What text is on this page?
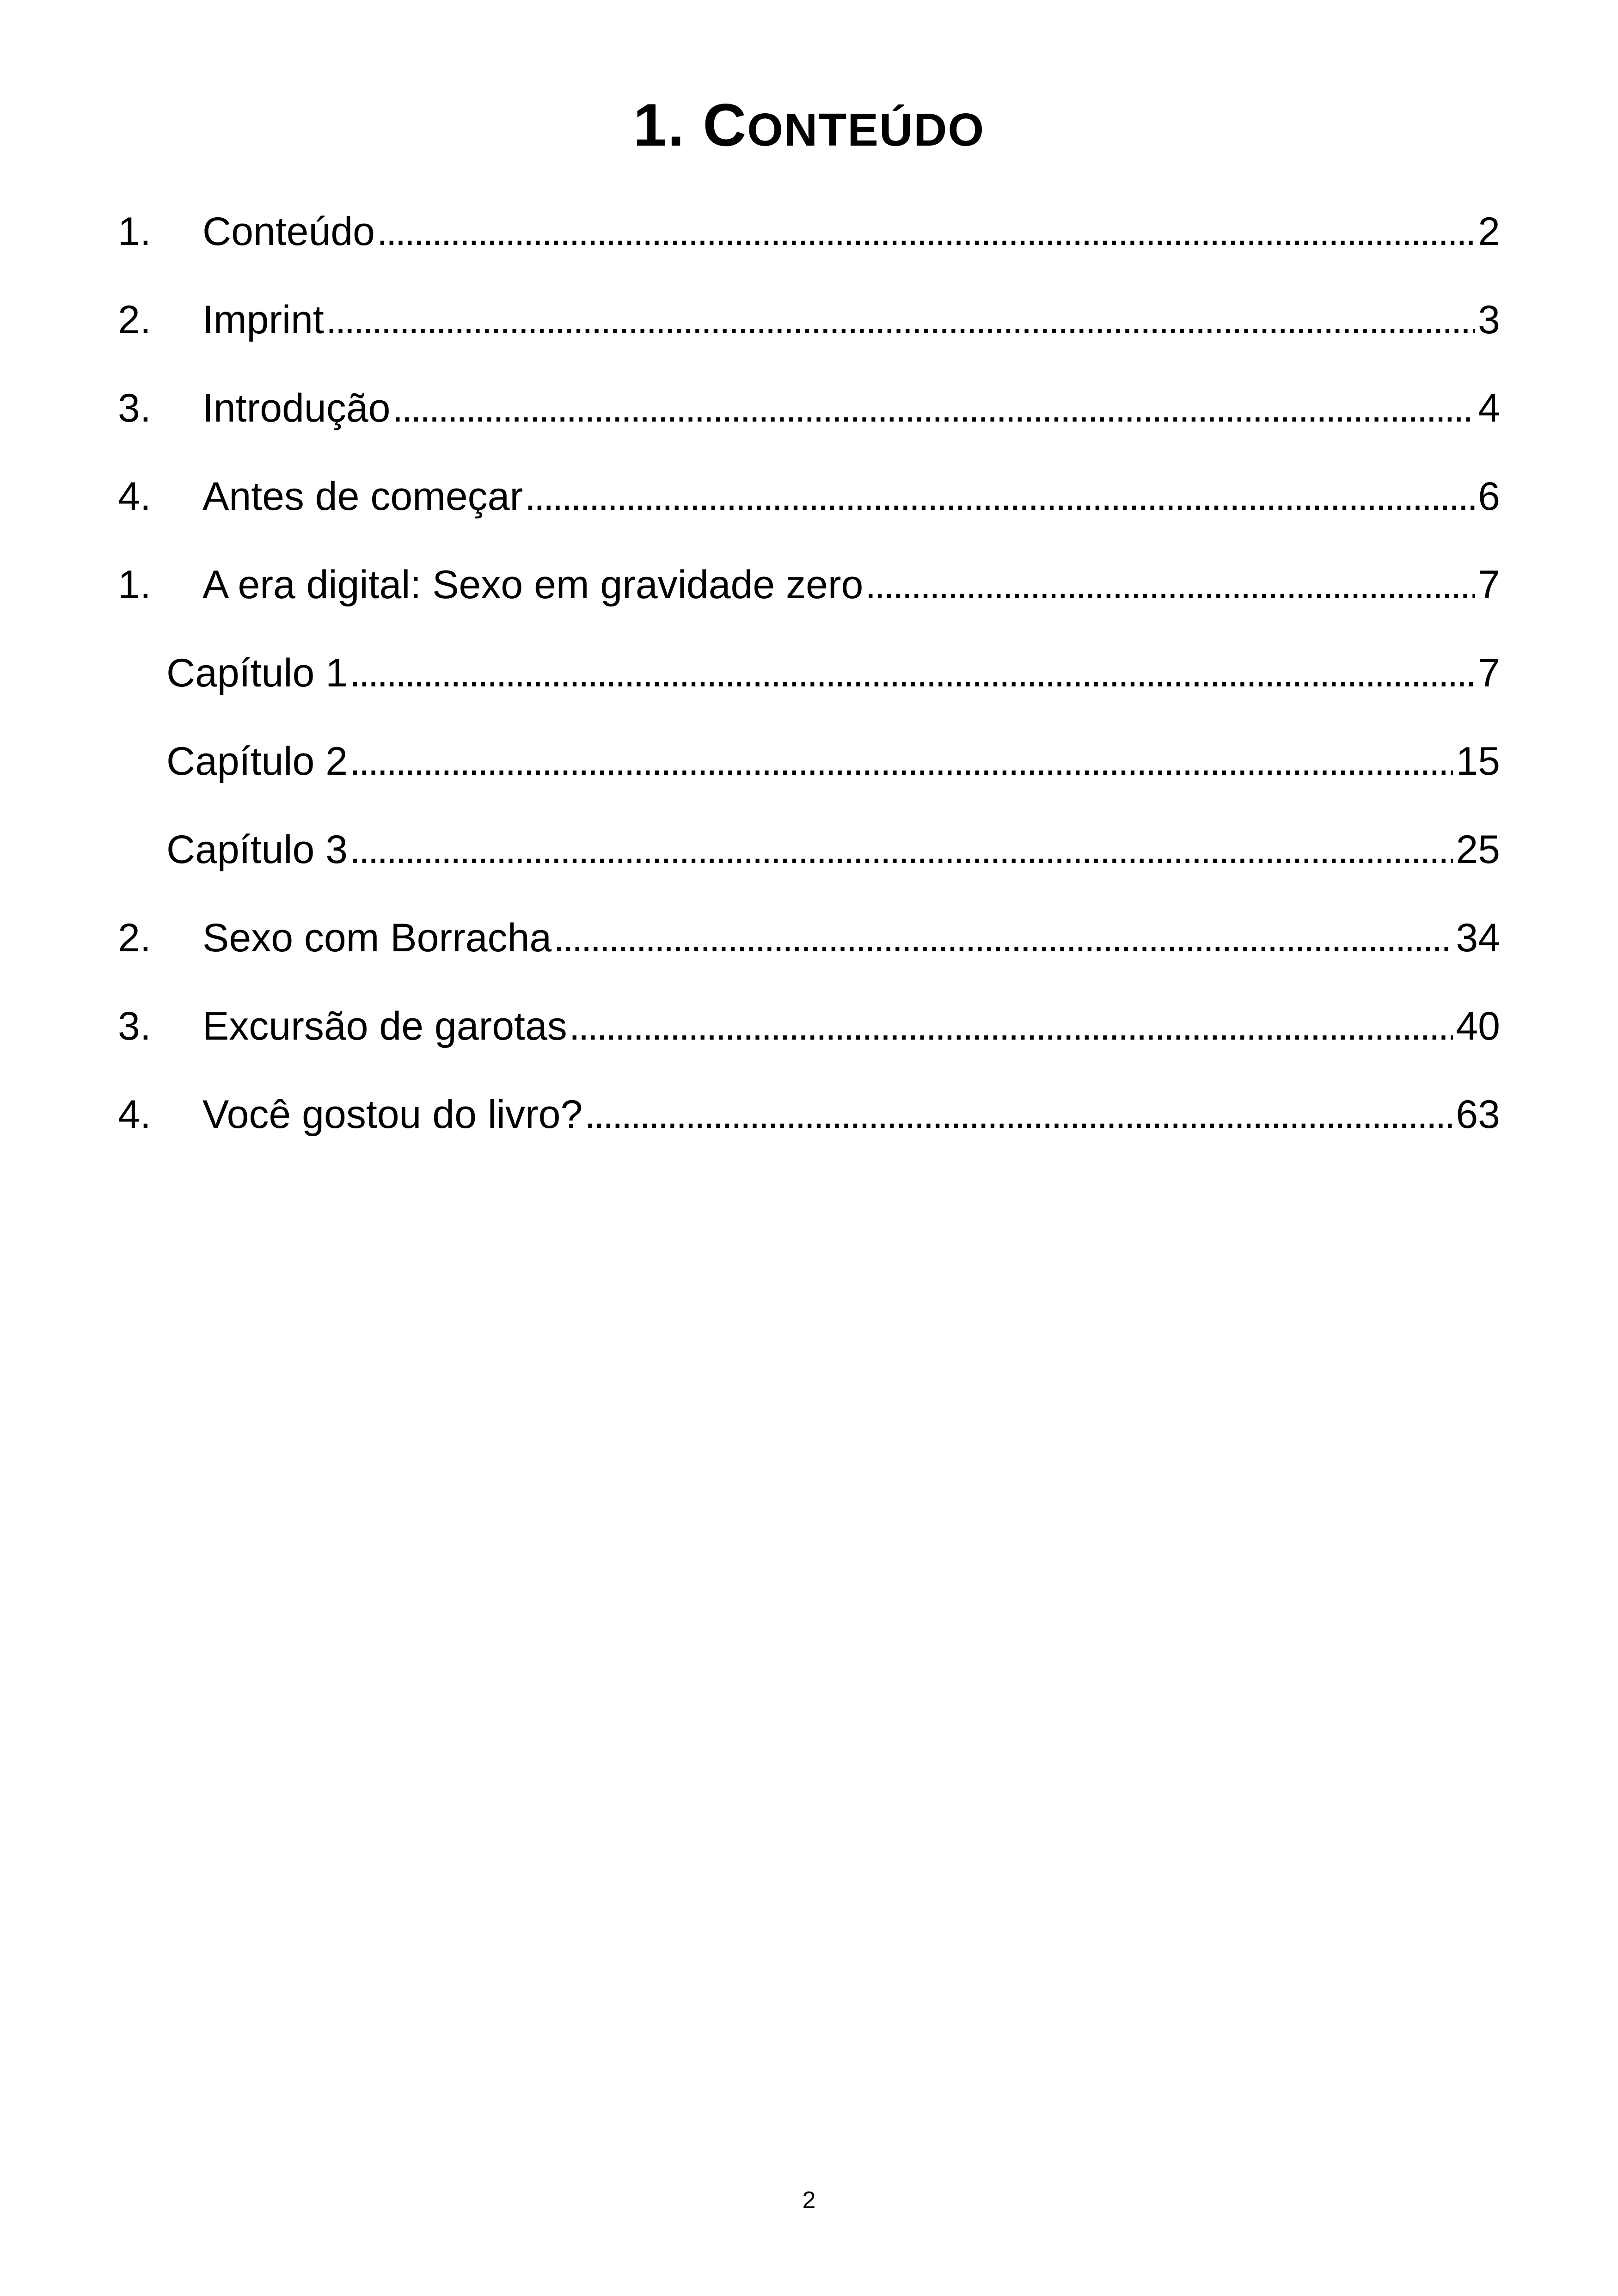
1. CONTEÚDO
1.	Conteúdo . . .	2
2.	Imprint . . .	3
3.	Introdução . . .	4
4.	Antes de começar . . .	6
1.	A era digital: Sexo em gravidade zero . . .	7
Capítulo 1 . . .	7
Capítulo 2 . . .	15
Capítulo 3 . . .	25
2.	Sexo com Borracha . . .	34
3.	Excursão de garotas . . .	40
4.	Você gostou do livro? . . .	63
2
